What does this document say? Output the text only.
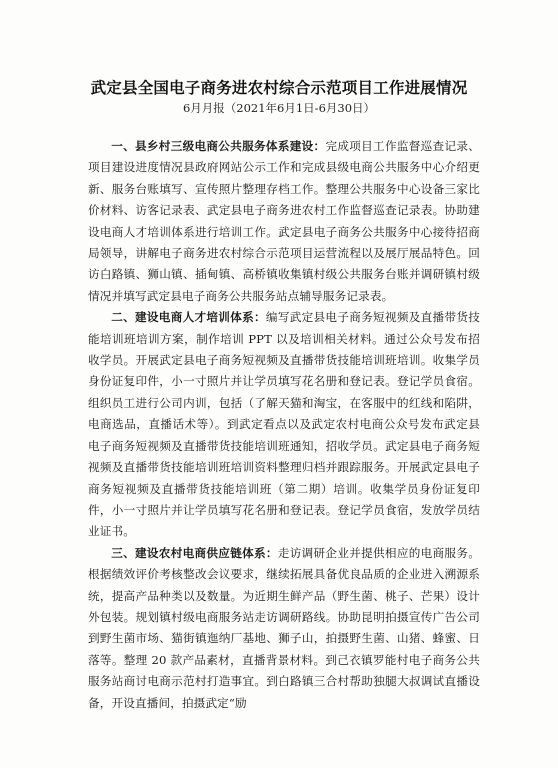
武定县全国电子商务进农村综合示范项目工作进展情况
6月月报（2021年6月1日-6月30日）

一、县乡村三级电商公共服务体系建设：完成项目工作监督巡查记录、项目建设进度情况县政府网站公示工作和完成县级电商公共服务中心介绍更新、服务台账填写、宣传照片整理存档工作。整理公共服务中心设备三家比价材料、访客记录表、武定县电子商务进农村工作监督巡查记录表。协助建设电商人才培训体系进行培训工作。武定县电子商务公共服务中心接待招商局领导，讲解电子商务进农村综合示范项目运营流程以及展厅展品特色。回访白路镇、狮山镇、插甸镇、高桥镇收集镇村级公共服务台账并调研镇村级情况并填写武定县电子商务公共服务站点辅导服务记录表。

二、建设电商人才培训体系：编写武定县电子商务短视频及直播带货技能培训班培训方案，制作培训 PPT 以及培训相关材料。通过公众号发布招收学员。开展武定县电子商务短视频及直播带货技能培训班培训。收集学员身份证复印件，小一寸照片并让学员填写花名册和登记表。登记学员食宿。组织员工进行公司内训，包括（了解天猫和淘宝，在客服中的红线和陷阱，电商选品，直播话术等）。到武定看点以及武定农村电商公众号发布武定县电子商务短视频及直播带货技能培训班通知，招收学员。武定县电子商务短视频及直播带货技能培训班培训资料整理归档并跟踪服务。开展武定县电子商务短视频及直播带货技能培训班（第二期）培训。收集学员身份证复印件，小一寸照片并让学员填写花名册和登记表。登记学员食宿，发放学员结业证书。

三、建设农村电商供应链体系：走访调研企业并提供相应的电商服务。根据绩效评价考核整改会议要求，继续拓展具备优良品质的企业进入溯源系统，提高产品种类以及数量。为近期生鲜产品（野生菌、桃子、芒果）设计外包装。规划镇村级电商服务站走访调研路线。协助昆明拍摄宣传广告公司到野生菌市场、猫街镇迤纳厂基地、狮子山，拍摄野生菌、山猪、蜂蜜、日落等。整理 20 款产品素材，直播背景材料。到己衣镇罗能村电子商务公共服务站商讨电商示范村打造事宜。到白路镇三合村帮助独腿大叔调试直播设备，开设直播间，拍摄武定“励
